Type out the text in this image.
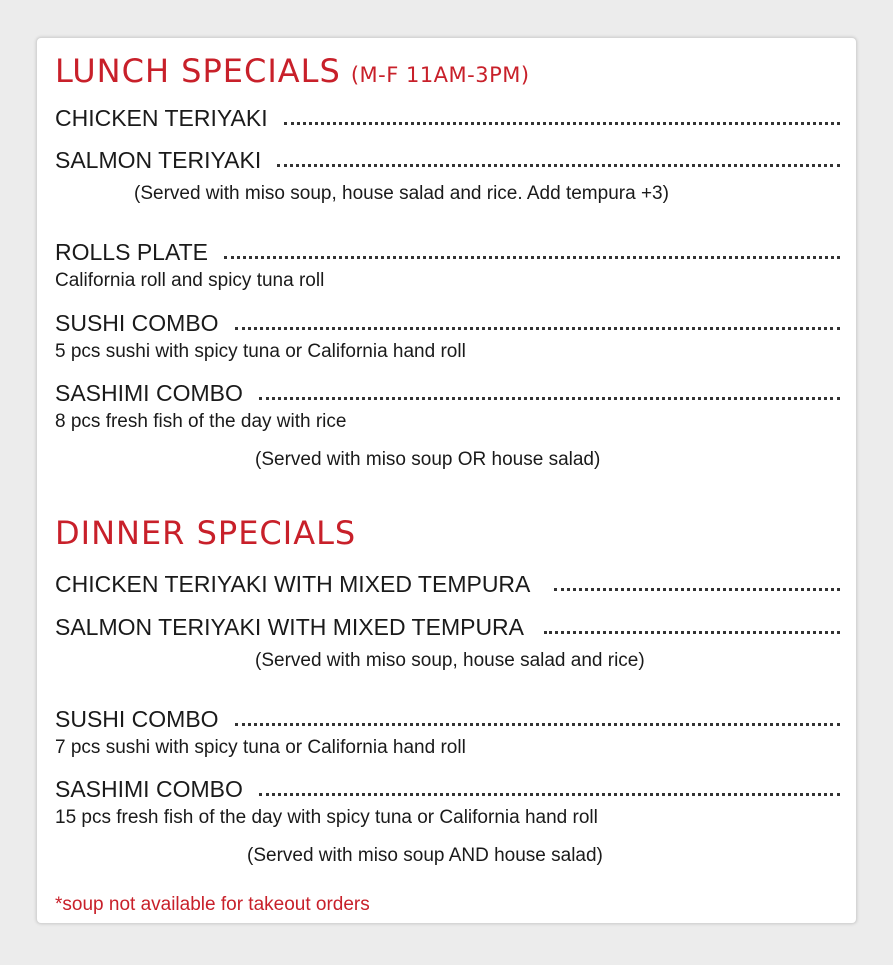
LUNCH SPECIALS (M-F 11AM-3PM)
CHICKEN TERIYAKI
SALMON TERIYAKI
(Served with miso soup, house salad and rice. Add tempura +3)
ROLLS PLATE
California roll and spicy tuna roll
SUSHI COMBO
5 pcs sushi with spicy tuna or California hand roll
SASHIMI COMBO
8 pcs fresh fish of the day with rice
(Served with miso soup OR house salad)
DINNER SPECIALS
CHICKEN TERIYAKI WITH MIXED TEMPURA
SALMON TERIYAKI WITH MIXED TEMPURA
(Served with miso soup, house salad and rice)
SUSHI COMBO
7 pcs sushi with spicy tuna or California hand roll
SASHIMI COMBO
15 pcs fresh fish of the day with spicy tuna or California hand roll
(Served with miso soup AND house salad)
*soup not available for takeout orders
